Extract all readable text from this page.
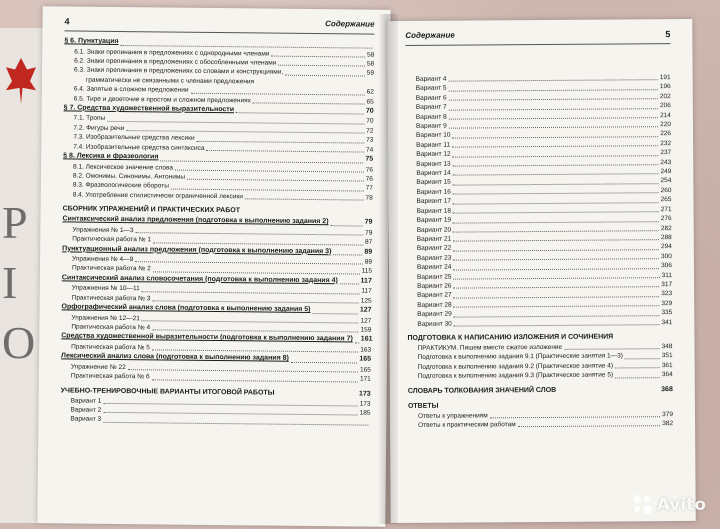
P
I
O
4	Содержание
§ 6. Пунктуация
6.1. Знаки препинания в предложениях с однородными членами	58
6.2. Знаки препинания в предложениях с обособленными членами	58
6.3. Знаки препинания в предложениях со словами и конструкциями,	59
грамматически не связанными с членами предложения
6.4. Запятые в сложном предложении	62
6.5. Тире и двоеточие в простом и сложном предложениях	65
§ 7. Средства художественной выразительности	70
7.1. Тропы	70
7.2. Фигуры речи	72
7.3. Изобразительные средства лексики	73
7.4. Изобразительные средства синтаксиса	74
§ 8. Лексика и фразеология	75
8.1. Лексическое значение слова	76
8.2. Омонимы. Синонимы. Антонимы	76
8.3. Фразеологические обороты	77
8.4. Употребление стилистически ограниченной лексики	78
СБОРНИК УПРАЖНЕНИЙ И ПРАКТИЧЕСКИХ РАБОТ
Синтаксический анализ предложения (подготовка к выполнению задания 2)	79
Упражнения № 1—3	79
Практическая работа № 1	87
Пунктуационный анализ предложения (подготовка к выполнению задания 3)	89
Упражнения № 4—9	89
Практическая работа № 2	115
Синтаксический анализ словосочетания (подготовка к выполнению задания 4)	117
Упражнения № 10—11	117
Практическая работа № 3	125
Орфографический анализ слова (подготовка к выполнению задания 5)	127
Упражнения № 12—21	127
Практическая работа № 4	159
Средства художественной выразительности (подготовка к выполнению задания 7) 161
Практическая работа № 5	163
Лексический анализ слова (подготовка к выполнению задания 8)	165
Упражнение № 22	165
Практическая работа № 6	171
УЧЕБНО-ТРЕНИРОВОЧНЫЕ ВАРИАНТЫ ИТОГОВОЙ РАБОТЫ	173
Вариант 1	173
Вариант 2	185
Вариант 3
Содержание	5
Вариант 4	191
Вариант 5	196
Вариант 6	202
Вариант 7	206
Вариант 8	214
Вариант 9	220
Вариант 10	226
Вариант 11	232
Вариант 12	237
Вариант 13	243
Вариант 14	249
Вариант 15	254
Вариант 16	260
Вариант 17	265
Вариант 18	271
Вариант 19	276
Вариант 20	282
Вариант 21	288
Вариант 22	294
Вариант 23	300
Вариант 24	306
Вариант 25	311
Вариант 26	317
Вариант 27	323
Вариант 28	329
Вариант 29	335
Вариант 30	341
ПОДГОТОВКА К НАПИСАНИЮ ИЗЛОЖЕНИЯ И СОЧИНЕНИЯ
ПРАКТИКУМ. Пишем вместе сжатое изложение	348
Подготовка к выполнению задания 9.1 (Практические занятия 1—3)	351
Подготовка к выполнению задания 9.2 (Практическое занятие 4)	361
Подготовка к выполнению задания 9.3 (Практическое занятие 5)	364
СЛОВАРЬ ТОЛКОВАНИЯ ЗНАЧЕНИЙ СЛОВ	368
ОТВЕТЫ
Ответы к упражнениям	379
Ответы к практическим работам	382
Avito
